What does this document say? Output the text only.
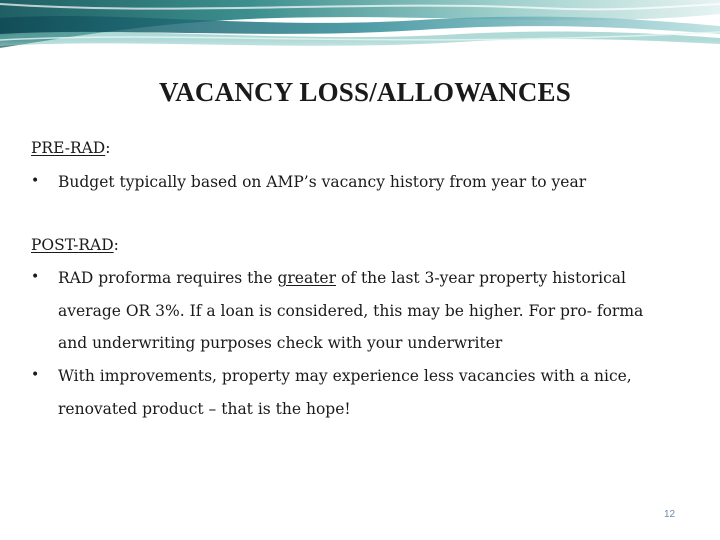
VACANCY LOSS/ALLOWANCES
PRE-RAD:
• Budget typically based on AMP’s vacancy history from year to year
POST-RAD:
• RAD proforma requires the greater of the last 3-year property historical
average OR 3%. If a loan is considered, this may be higher. For pro- forma
and underwriting purposes check with your underwriter
• With improvements, property may experience less vacancies with a nice,
renovated product – that is the hope!
12
